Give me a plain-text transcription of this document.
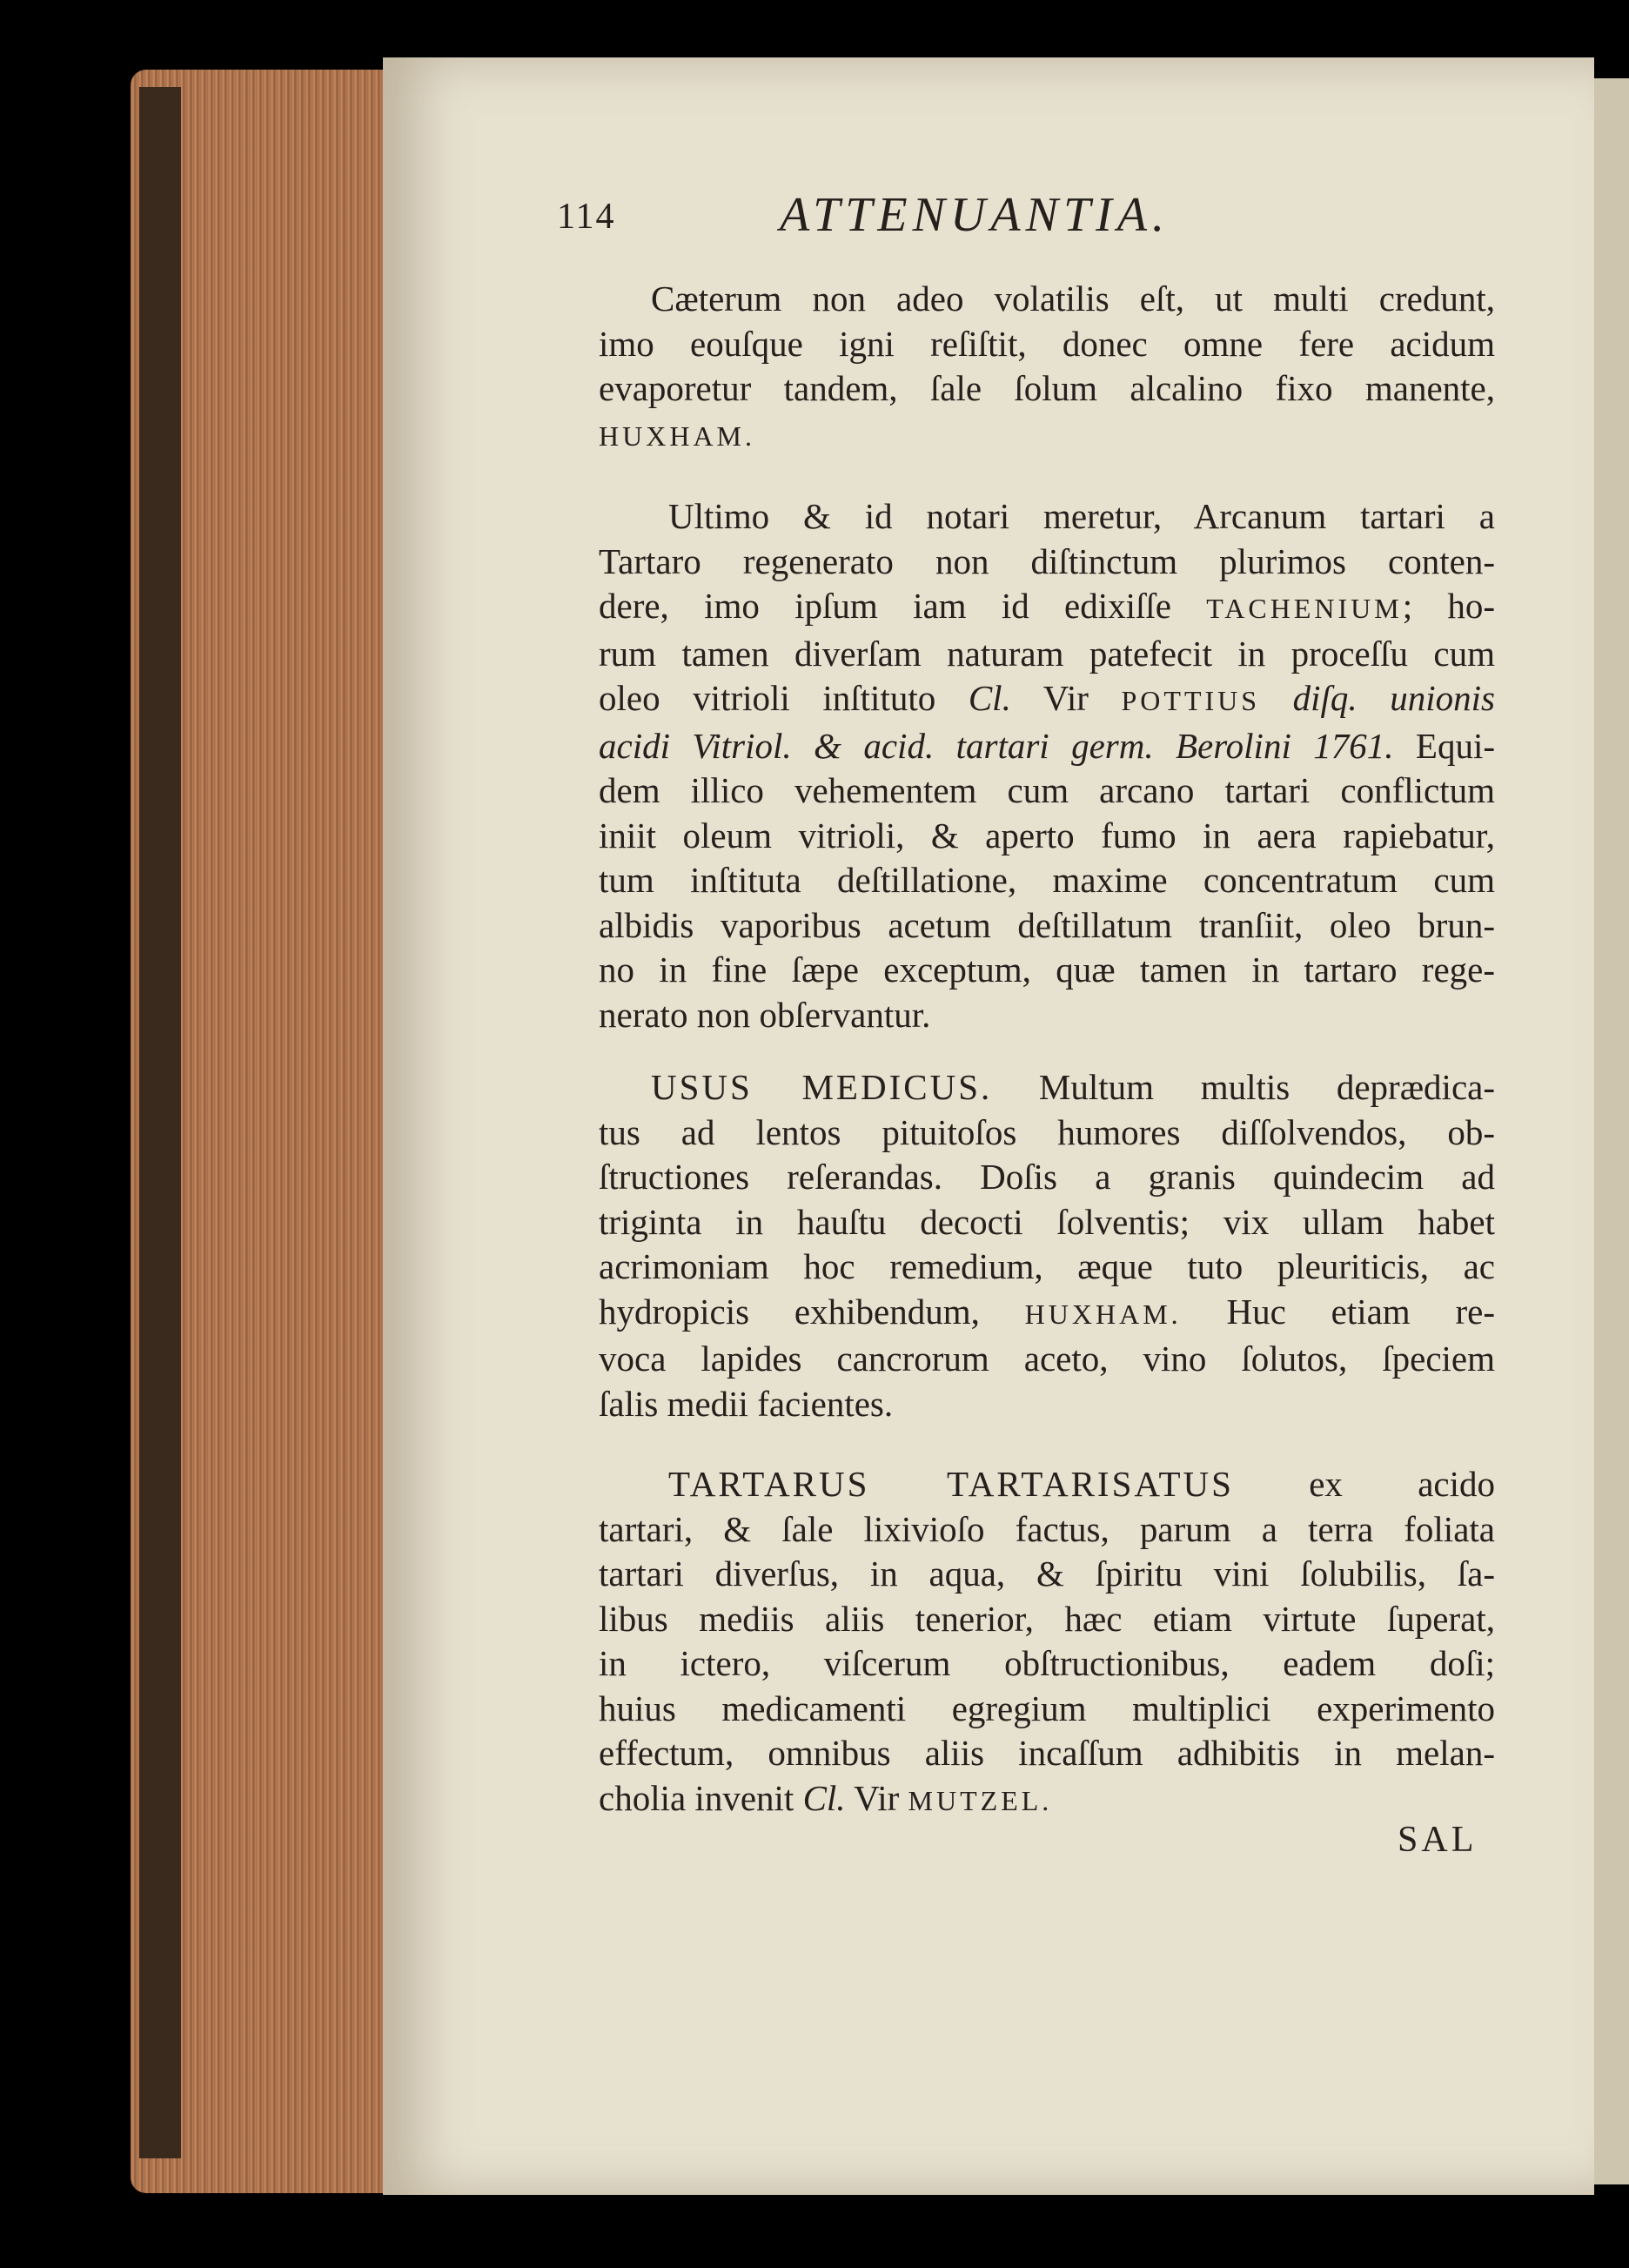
114	ATTENUANTIA.
Cæterum non adeo volatilis eſt, ut multi credunt,
imo eouſque igni reſiſtit, donec omne fere acidum
evaporetur tandem, ſale ſolum alcalino fixo manente,
HUXHAM.
Ultimo & id notari meretur, Arcanum tartari a
Tartaro regenerato non diſtinctum plurimos conten-
dere, imo ipſum iam id edixiſſe TACHENIUM; ho-
rum tamen diverſam naturam patefecit in proceſſu cum
oleo vitrioli inſtituto Cl. Vir POTTIUS diſq. unionis
acidi Vitriol. & acid. tartari germ. Berolini 1761. Equi-
dem illico vehementem cum arcano tartari conflictum
iniit oleum vitrioli, & aperto fumo in aera rapiebatur,
tum inſtituta deſtillatione, maxime concentratum cum
albidis vaporibus acetum deſtillatum tranſiit, oleo brun-
no in fine ſæpe exceptum, quæ tamen in tartaro rege-
nerato non obſervantur.
USUS MEDICUS. Multum multis deprædica-
tus ad lentos pituitoſos humores diſſolvendos, ob-
ſtructiones reſerandas. Doſis a granis quindecim ad
triginta in hauſtu decocti ſolventis; vix ullam habet
acrimoniam hoc remedium, æque tuto pleuriticis, ac
hydropicis exhibendum, HUXHAM. Huc etiam re-
voca lapides cancrorum aceto, vino ſolutos, ſpeciem
ſalis medii facientes.
TARTARUS TARTARISATUS ex acido
tartari, & ſale lixivioſo factus, parum a terra foliata
tartari diverſus, in aqua, & ſpiritu vini ſolubilis, ſa-
libus mediis aliis tenerior, hæc etiam virtute ſuperat,
in ictero, viſcerum obſtructionibus, eadem doſi;
huius medicamenti egregium multiplici experimento
effectum, omnibus aliis incaſſum adhibitis in melan-
cholia invenit Cl. Vir MUTZEL.
SAL
